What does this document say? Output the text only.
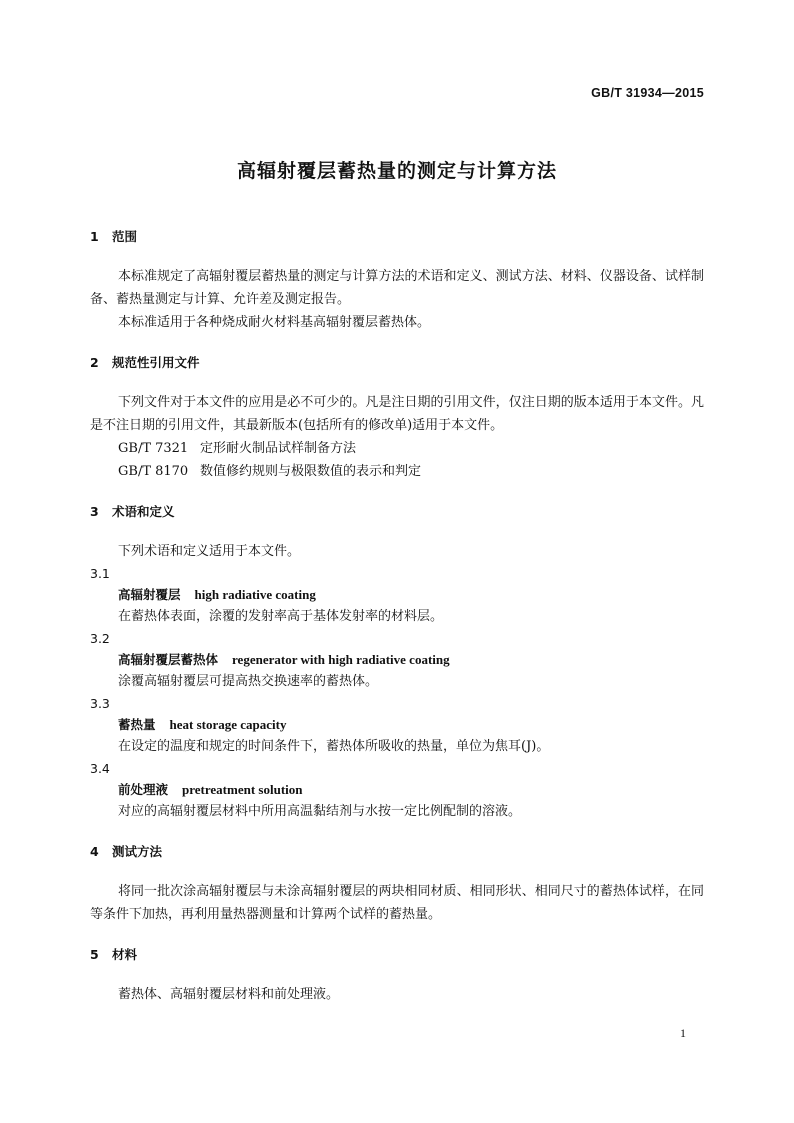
GB/T 31934—2015
高辐射覆层蓄热量的测定与计算方法
1 范围
本标准规定了高辐射覆层蓄热量的测定与计算方法的术语和定义、测试方法、材料、仪器设备、试样制备、蓄热量测定与计算、允许差及测定报告。
本标准适用于各种烧成耐火材料基高辐射覆层蓄热体。
2 规范性引用文件
下列文件对于本文件的应用是必不可少的。凡是注日期的引用文件，仅注日期的版本适用于本文件。凡是不注日期的引用文件，其最新版本(包括所有的修改单)适用于本文件。
GB/T 7321 定形耐火制品试样制备方法
GB/T 8170 数值修约规则与极限数值的表示和判定
3 术语和定义
下列术语和定义适用于本文件。
3.1
高辐射覆层 high radiative coating
在蓄热体表面，涂覆的发射率高于基体发射率的材料层。
3.2
高辐射覆层蓄热体 regenerator with high radiative coating
涂覆高辐射覆层可提高热交换速率的蓄热体。
3.3
蓄热量 heat storage capacity
在设定的温度和规定的时间条件下，蓄热体所吸收的热量，单位为焦耳(J)。
3.4
前处理液 pretreatment solution
对应的高辐射覆层材料中所用高温黏结剂与水按一定比例配制的溶液。
4 测试方法
将同一批次涂高辐射覆层与未涂高辐射覆层的两块相同材质、相同形状、相同尺寸的蓄热体试样，在同等条件下加热，再利用量热器测量和计算两个试样的蓄热量。
5 材料
蓄热体、高辐射覆层材料和前处理液。
1
